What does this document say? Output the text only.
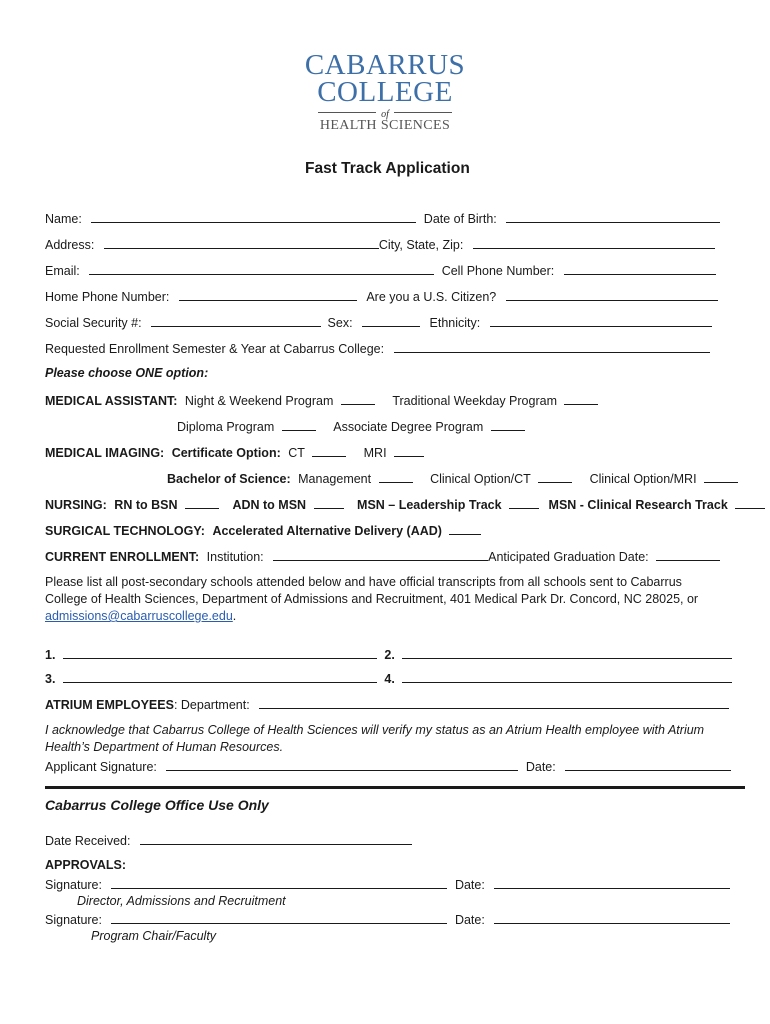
CABARRUS
COLLEGE
of
HEALTH SCIENCES
Fast Track Application
Name:	Date of Birth:
Address:	City, State, Zip:
Email:	Cell Phone Number:
Home Phone Number:	Are you a U.S. Citizen?
Social Security #:	Sex:	Ethnicity:
Requested Enrollment Semester & Year at Cabarrus College:
Please choose ONE option:
MEDICAL ASSISTANT: Night & Weekend Program	Traditional Weekday Program
Diploma Program	Associate Degree Program
MEDICAL IMAGING: Certificate Option: CT	MRI
Bachelor of Science: Management	Clinical Option/CT	Clinical Option/MRI
NURSING: RN to BSN	ADN to MSN	MSN – Leadership Track	MSN - Clinical Research Track
SURGICAL TECHNOLOGY: Accelerated Alternative Delivery (AAD)
CURRENT ENROLLMENT: Institution:	Anticipated Graduation Date:
Please list all post-secondary schools attended below and have official transcripts from all schools sent to Cabarrus College of Health Sciences, Department of Admissions and Recruitment, 401 Medical Park Dr. Concord, NC 28025, or admissions@cabarruscollege.edu.
1.	2.
3.	4.
ATRIUM EMPLOYEES: Department:
I acknowledge that Cabarrus College of Health Sciences will verify my status as an Atrium Health employee with Atrium Health’s Department of Human Resources.
Applicant Signature:	Date:
Cabarrus College Office Use Only
Date Received:
APPROVALS:
Signature:	Date:
Director, Admissions and Recruitment
Signature:	Date:
Program Chair/Faculty
